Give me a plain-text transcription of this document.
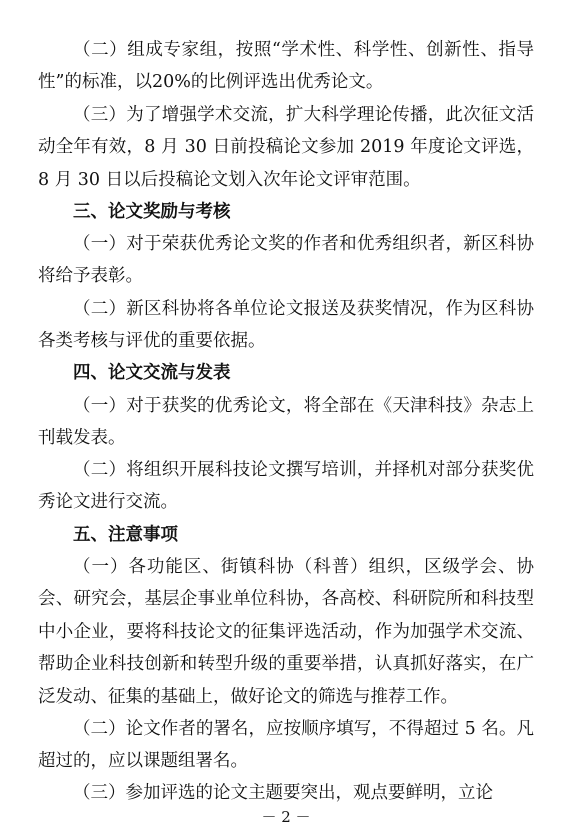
（二）组成专家组，按照“学术性、科学性、创新性、指导性”的标准，以20%的比例评选出优秀论文。

（三）为了增强学术交流，扩大科学理论传播，此次征文活动全年有效，8 月 30 日前投稿论文参加 2019 年度论文评选，8 月 30 日以后投稿论文划入次年论文评审范围。

三、论文奖励与考核

（一）对于荣获优秀论文奖的作者和优秀组织者，新区科协将给予表彰。

（二）新区科协将各单位论文报送及获奖情况，作为区科协各类考核与评优的重要依据。

四、论文交流与发表

（一）对于获奖的优秀论文，将全部在《天津科技》杂志上刊载发表。

（二）将组织开展科技论文撰写培训，并择机对部分获奖优秀论文进行交流。

五、注意事项

（一）各功能区、街镇科协（科普）组织，区级学会、协会、研究会，基层企事业单位科协，各高校、科研院所和科技型中小企业，要将科技论文的征集评选活动，作为加强学术交流、帮助企业科技创新和转型升级的重要举措，认真抓好落实，在广泛发动、征集的基础上，做好论文的筛选与推荐工作。

（二）论文作者的署名，应按顺序填写，不得超过 5 名。凡超过的，应以课题组署名。

（三）参加评选的论文主题要突出，观点要鲜明，立论

－ 2 －
